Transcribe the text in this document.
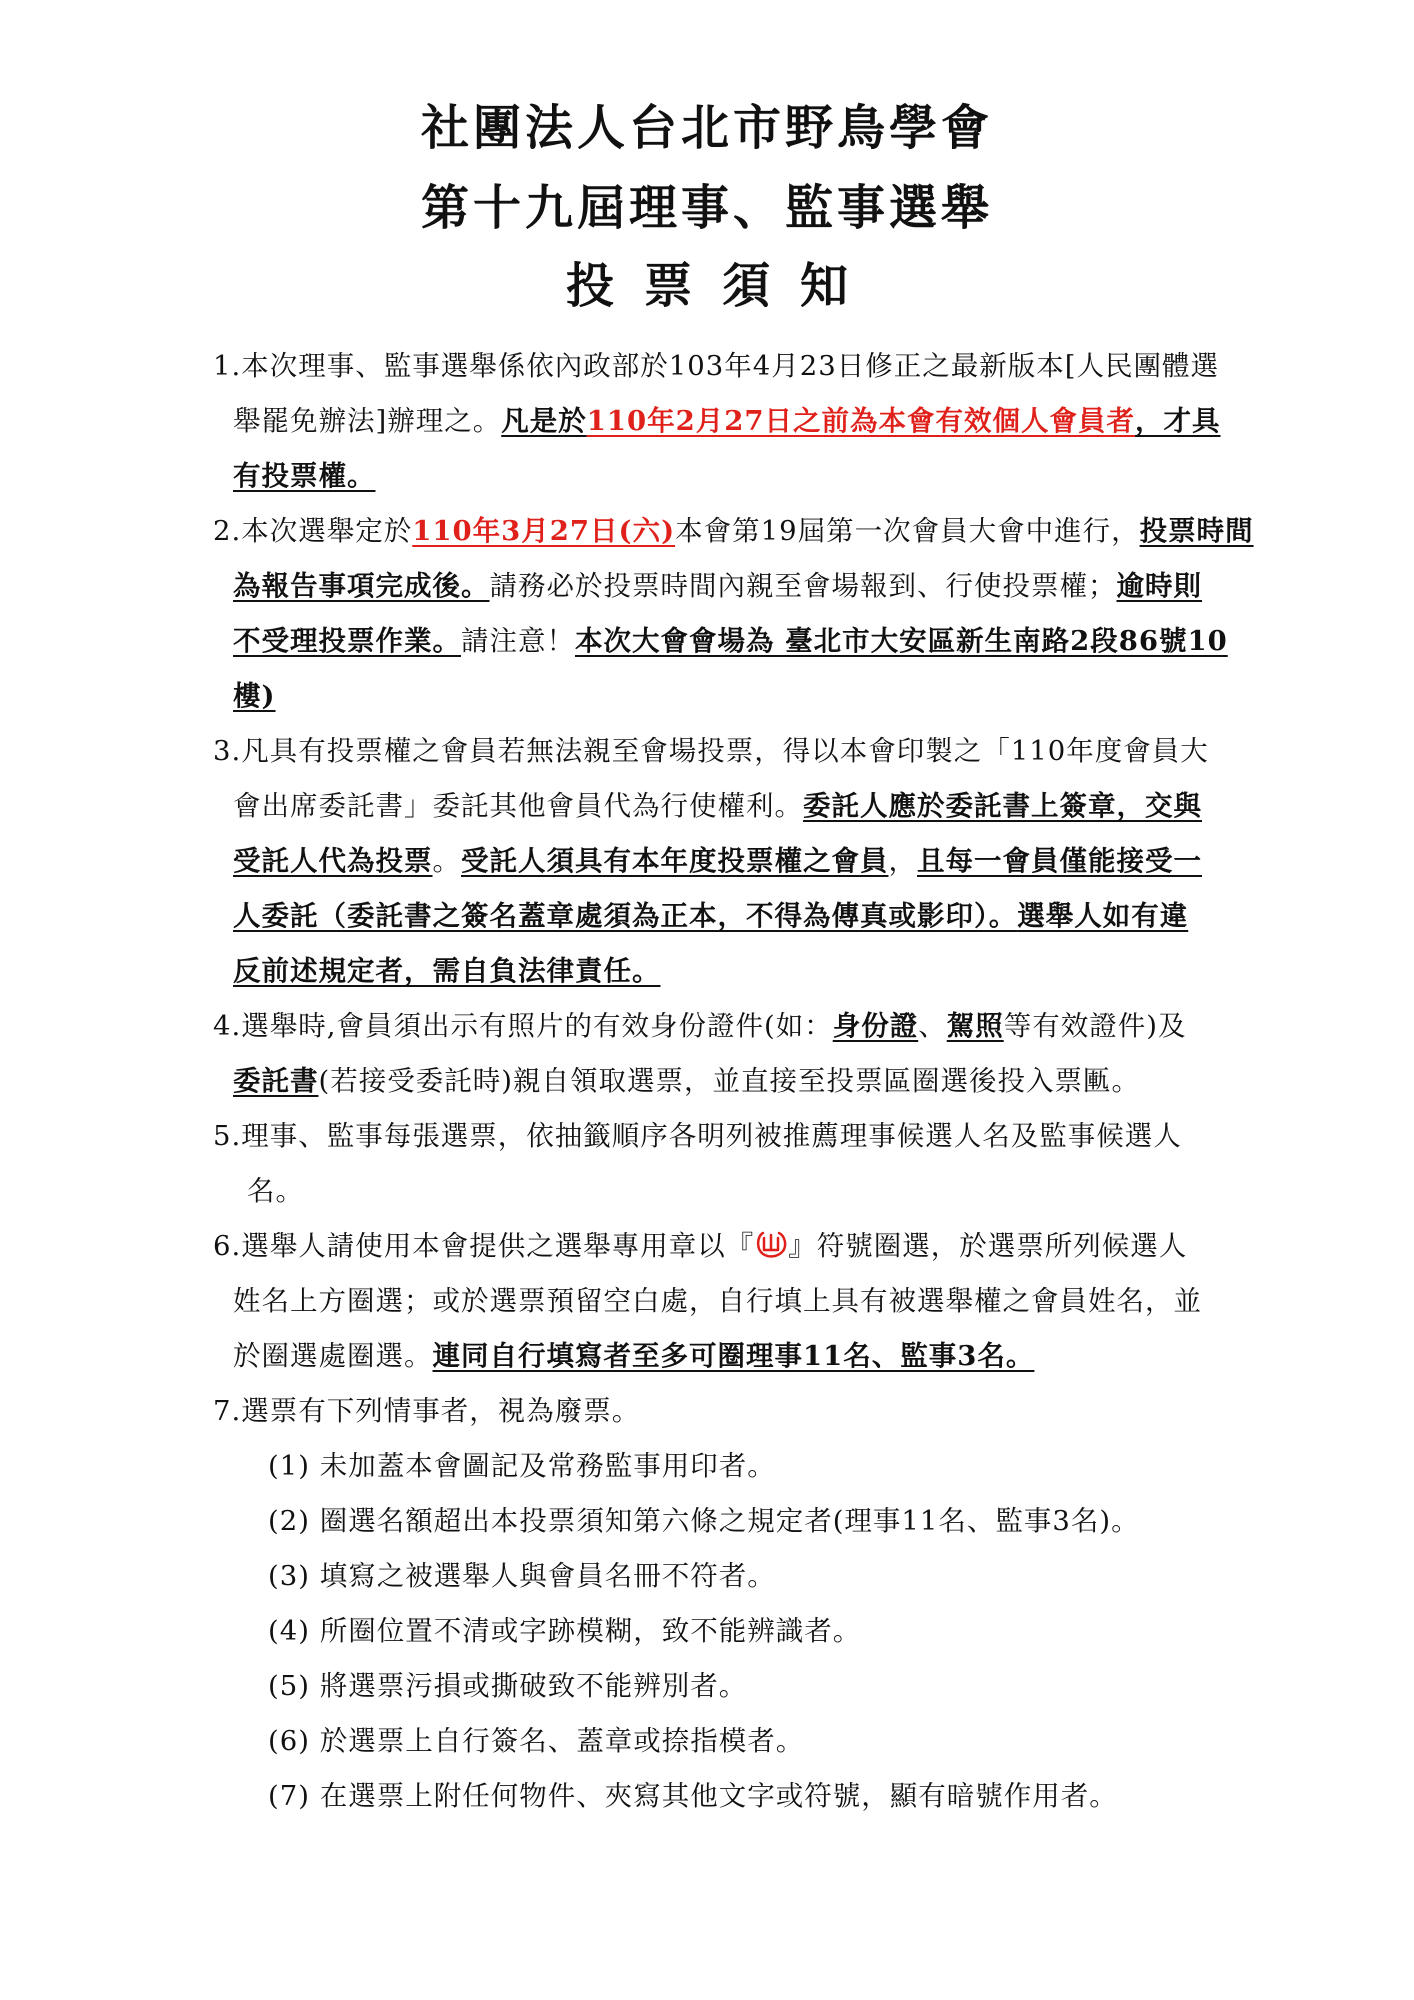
社團法人台北市野鳥學會
第十九屆理事、監事選舉
投票須知
1.本次理事、監事選舉係依內政部於103年4月23日修正之最新版本[人民團體選
舉罷免辦法]辦理之。凡是於110年2月27日之前為本會有效個人會員者，才具
有投票權。
2.本次選舉定於110年3月27日(六)本會第19屆第一次會員大會中進行，投票時間
為報告事項完成後。請務必於投票時間內親至會場報到、行使投票權；逾時則
不受理投票作業。請注意！本次大會會場為 臺北市大安區新生南路2段86號10
樓)
3.凡具有投票權之會員若無法親至會場投票，得以本會印製之「110年度會員大
會出席委託書」委託其他會員代為行使權利。委託人應於委託書上簽章，交與
受託人代為投票。受託人須具有本年度投票權之會員，且每一會員僅能接受一
人委託（委託書之簽名蓋章處須為正本，不得為傳真或影印）。選舉人如有違
反前述規定者，需自負法律責任。
4.選舉時,會員須出示有照片的有效身份證件(如：身份證、駕照等有效證件)及
委託書(若接受委託時)親自領取選票，並直接至投票區圈選後投入票匭。
5.理事、監事每張選票，依抽籤順序各明列被推薦理事候選人名及監事候選人
名。
6.選舉人請使用本會提供之選舉專用章以『 』符號圈選，於選票所列候選人
姓名上方圈選；或於選票預留空白處，自行填上具有被選舉權之會員姓名，並
於圈選處圈選。連同自行填寫者至多可圈理事11名、監事3名。
7.選票有下列情事者，視為廢票。
(1) 未加蓋本會圖記及常務監事用印者。
(2) 圈選名額超出本投票須知第六條之規定者(理事11名、監事3名)。
(3) 填寫之被選舉人與會員名冊不符者。
(4) 所圈位置不清或字跡模糊，致不能辨識者。
(5) 將選票污損或撕破致不能辨別者。
(6) 於選票上自行簽名、蓋章或捺指模者。
(7) 在選票上附任何物件、夾寫其他文字或符號，顯有暗號作用者。
